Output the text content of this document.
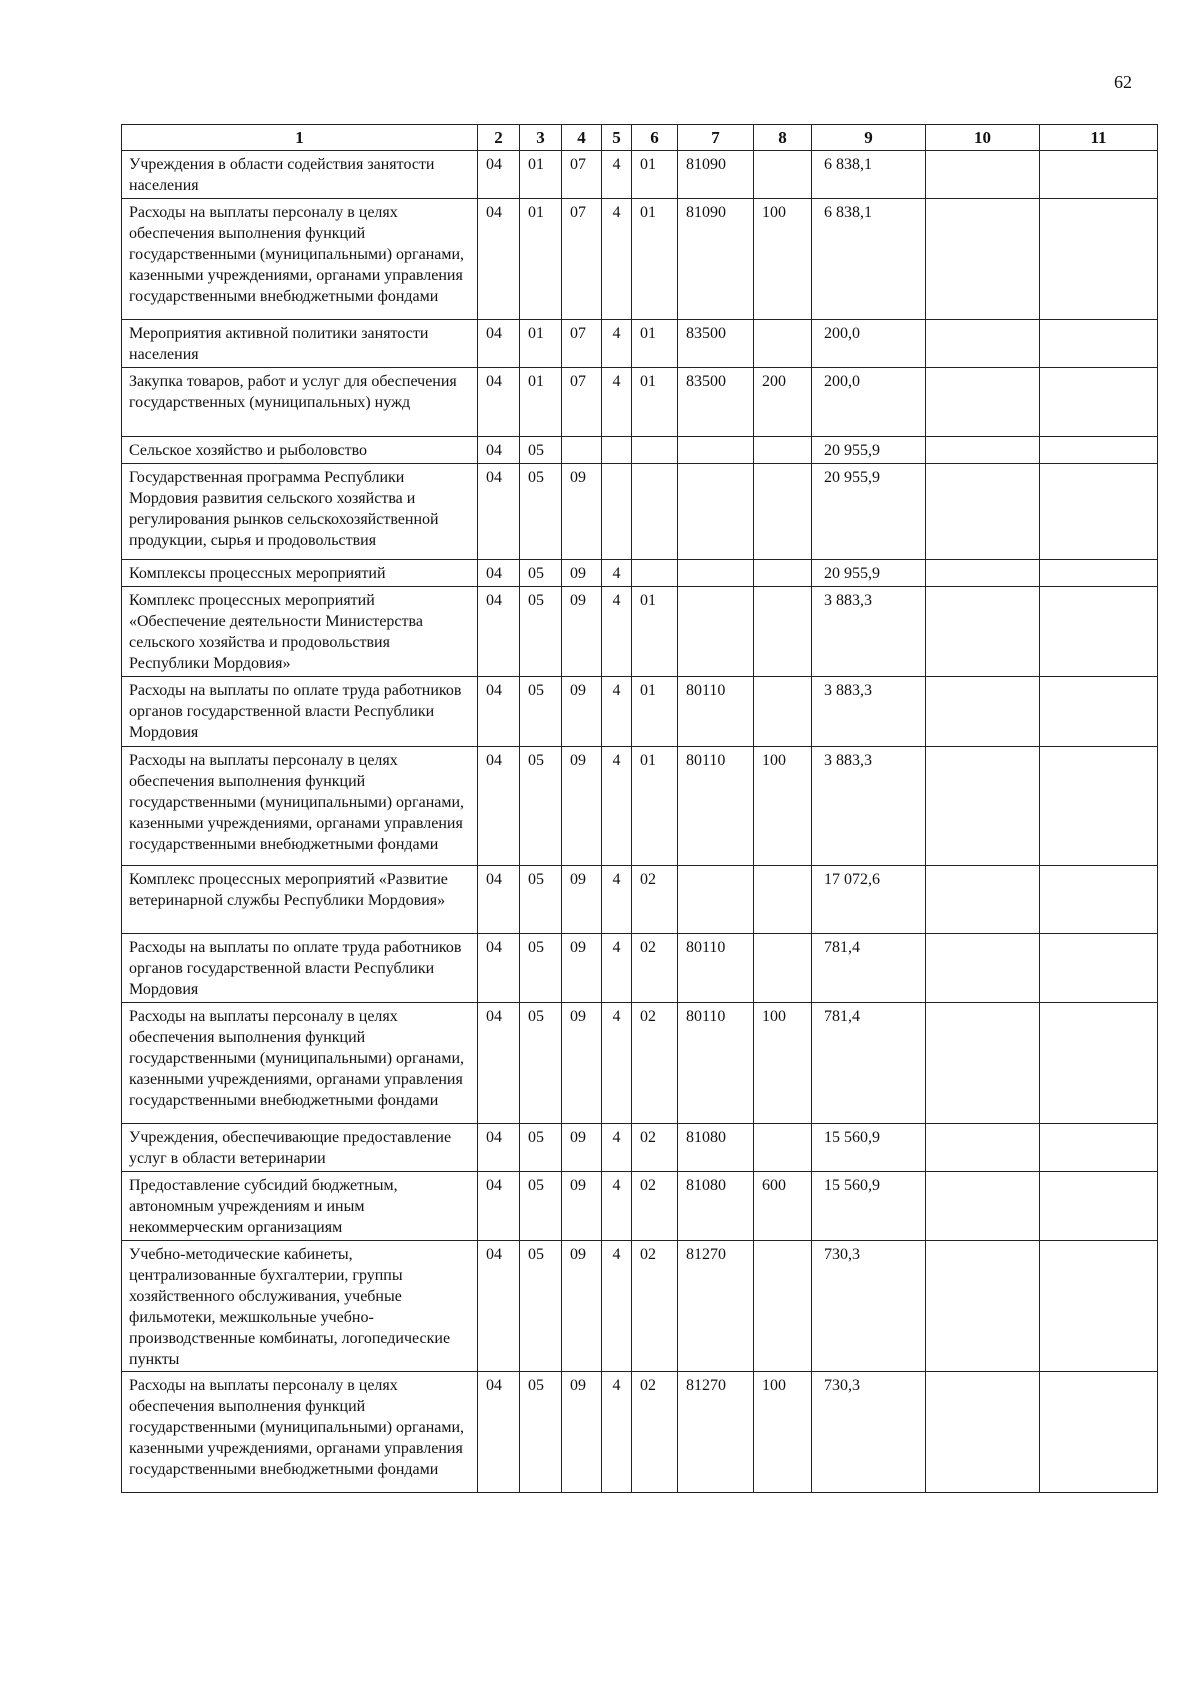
62
1	2	3	4	5	6	7	8	9	10	11
Учреждения в области содействия занятости населения	04	01	07	4	01	81090		6 838,1		
Расходы на выплаты персоналу в целях обеспечения выполнения функций государственными (муниципальными) органами, казенными учреждениями, органами управления государственными внебюджетными фондами	04	01	07	4	01	81090	100	6 838,1		
Мероприятия активной политики занятости населения	04	01	07	4	01	83500		200,0		
Закупка товаров, работ и услуг для обеспечения государственных (муниципальных) нужд	04	01	07	4	01	83500	200	200,0		
Сельское хозяйство и рыболовство	04	05						20 955,9		
Государственная программа Республики Мордовия развития сельского хозяйства и регулирования рынков сельскохозяйственной продукции, сырья и продовольствия	04	05	09					20 955,9		
Комплексы процессных мероприятий	04	05	09	4				20 955,9		
Комплекс процессных мероприятий «Обеспечение деятельности Министерства сельского хозяйства и продовольствия Республики Мордовия»	04	05	09	4	01			3 883,3		
Расходы на выплаты по оплате труда работников органов государственной власти Республики Мордовия	04	05	09	4	01	80110		3 883,3		
Расходы на выплаты персоналу в целях обеспечения выполнения функций государственными (муниципальными) органами, казенными учреждениями, органами управления государственными внебюджетными фондами	04	05	09	4	01	80110	100	3 883,3		
Комплекс процессных мероприятий «Развитие ветеринарной службы Республики Мордовия»	04	05	09	4	02			17 072,6		
Расходы на выплаты по оплате труда работников органов государственной власти Республики Мордовия	04	05	09	4	02	80110		781,4		
Расходы на выплаты персоналу в целях обеспечения выполнения функций государственными (муниципальными) органами, казенными учреждениями, органами управления государственными внебюджетными фондами	04	05	09	4	02	80110	100	781,4		
Учреждения, обеспечивающие предоставление услуг в области ветеринарии	04	05	09	4	02	81080		15 560,9		
Предоставление субсидий бюджетным, автономным учреждениям и иным некоммерческим организациям	04	05	09	4	02	81080	600	15 560,9		
Учебно-методические кабинеты, централизованные бухгалтерии, группы хозяйственного обслуживания, учебные фильмотеки, межшкольные учебно-производственные комбинаты, логопедические пункты	04	05	09	4	02	81270		730,3		
Расходы на выплаты персоналу в целях обеспечения выполнения функций государственными (муниципальными) органами, казенными учреждениями, органами управления государственными внебюджетными фондами	04	05	09	4	02	81270	100	730,3		
